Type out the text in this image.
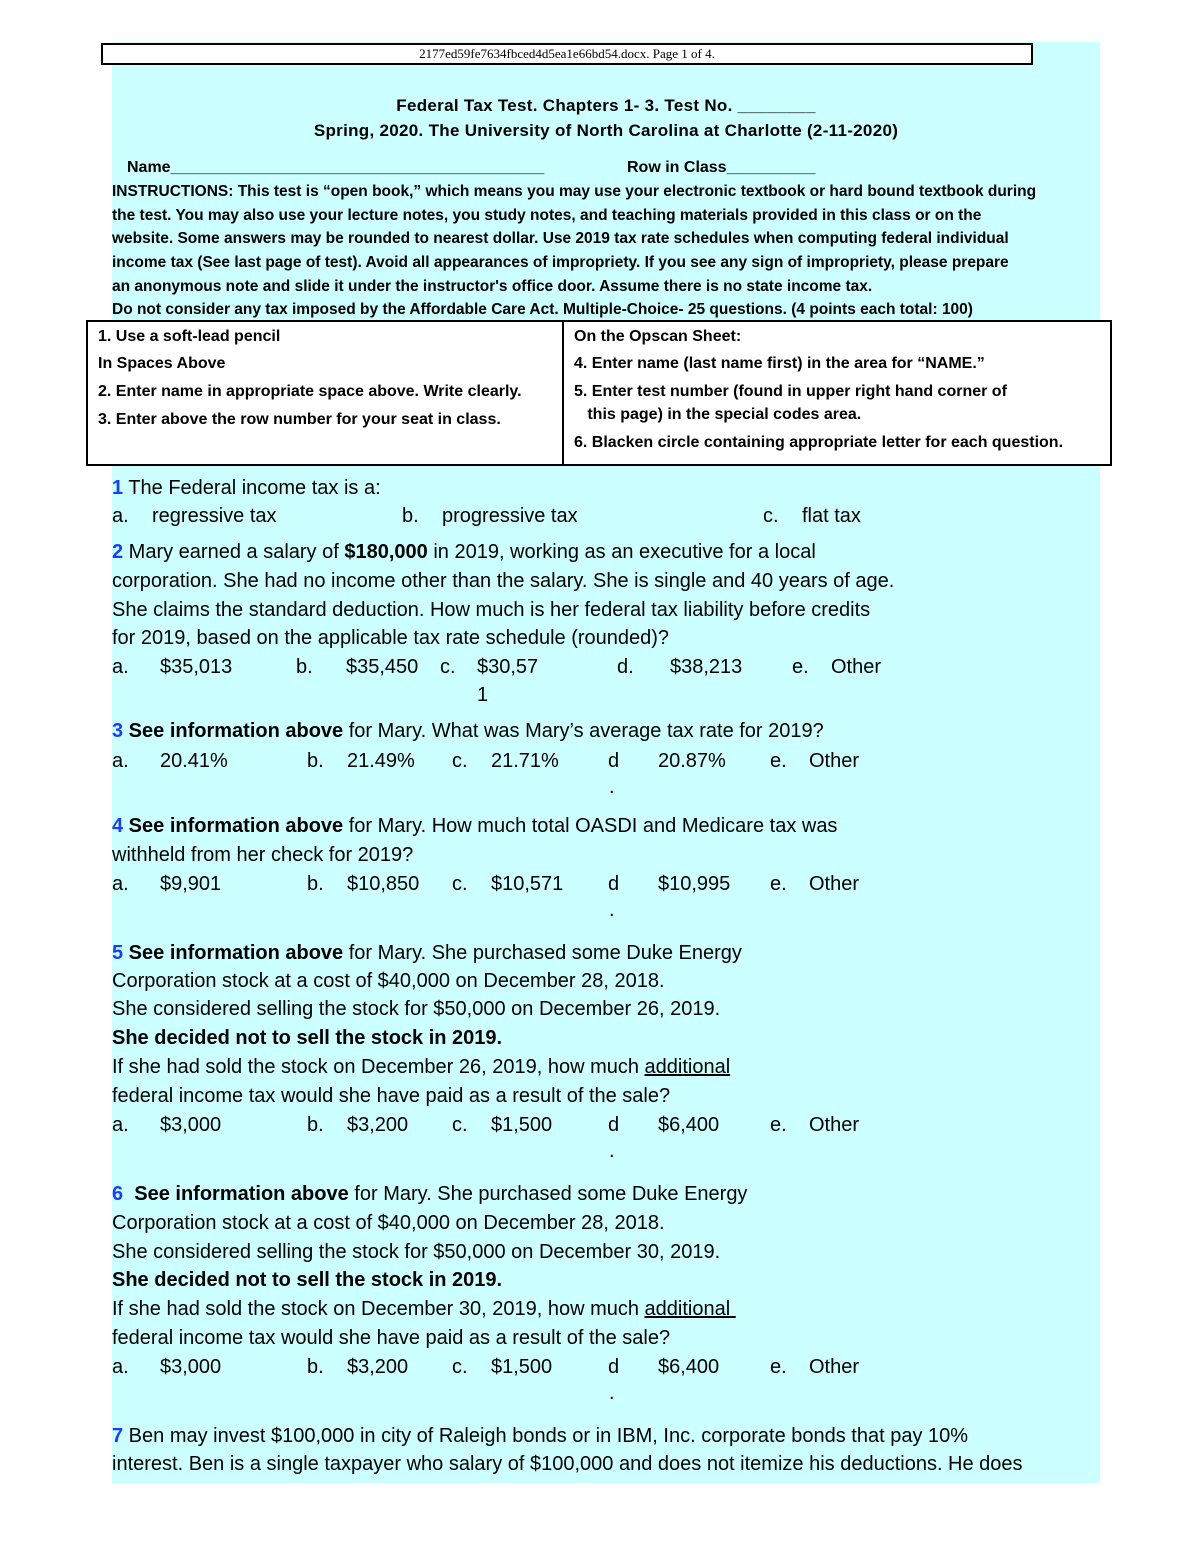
2177ed59fe7634fbced4d5ea1e66bd54.docx. Page 1 of 4.
Federal Tax Test. Chapters 1- 3. Test No. ________
Spring, 2020. The University of North Carolina at Charlotte (2-11-2020)
Name__________________________________________	Row in Class__________
INSTRUCTIONS: This test is “open book,” which means you may use your electronic textbook or hard bound textbook during
the test. You may also use your lecture notes, you study notes, and teaching materials provided in this class or on the
website. Some answers may be rounded to nearest dollar. Use 2019 tax rate schedules when computing federal individual
income tax (See last page of test). Avoid all appearances of impropriety. If you see any sign of impropriety, please prepare
an anonymous note and slide it under the instructor's office door. Assume there is no state income tax.
Do not consider any tax imposed by the Affordable Care Act. Multiple-Choice- 25 questions. (4 points each total: 100)
1. Use a soft-lead pencil
In Spaces Above
2. Enter name in appropriate space above. Write clearly.
3. Enter above the row number for your seat in class.
On the Opscan Sheet:
4. Enter name (last name first) in the area for “NAME.”
5. Enter test number (found in upper right hand corner of
this page) in the special codes area.
6. Blacken circle containing appropriate letter for each question.
1 The Federal income tax is a:
a. regressive tax	b. progressive tax	c. flat tax
2 Mary earned a salary of $180,000 in 2019, working as an executive for a local
corporation. She had no income other than the salary. She is single and 40 years of age.
She claims the standard deduction. How much is her federal tax liability before credits
for 2019, based on the applicable tax rate schedule (rounded)?
a. $35,013	b. $35,450 c. $30,57	d. $38,213 e. Other
1
3 See information above for Mary. What was Mary’s average tax rate for 2019?
a. 20.41%	b. 21.49% c. 21.71% d 20.87% e. Other
.
4 See information above for Mary. How much total OASDI and Medicare tax was
withheld from her check for 2019?
a. $9,901	b. $10,850 c. $10,571 d $10,995 e. Other
.
5 See information above for Mary. She purchased some Duke Energy
Corporation stock at a cost of $40,000 on December 28, 2018.
She considered selling the stock for $50,000 on December 26, 2019.
She decided not to sell the stock in 2019.
If she had sold the stock on December 26, 2019, how much additional
federal income tax would she have paid as a result of the sale?
a. $3,000	b. $3,200 c. $1,500	d $6,400	e. Other
.
6  See information above for Mary. She purchased some Duke Energy
Corporation stock at a cost of $40,000 on December 28, 2018.
She considered selling the stock for $50,000 on December 30, 2019.
She decided not to sell the stock in 2019.
If she had sold the stock on December 30, 2019, how much additional
federal income tax would she have paid as a result of the sale?
a. $3,000	b. $3,200 c. $1,500	d $6,400	e. Other
.
7 Ben may invest $100,000 in city of Raleigh bonds or in IBM, Inc. corporate bonds that pay 10%
interest. Ben is a single taxpayer who salary of $100,000 and does not itemize his deductions. He does
